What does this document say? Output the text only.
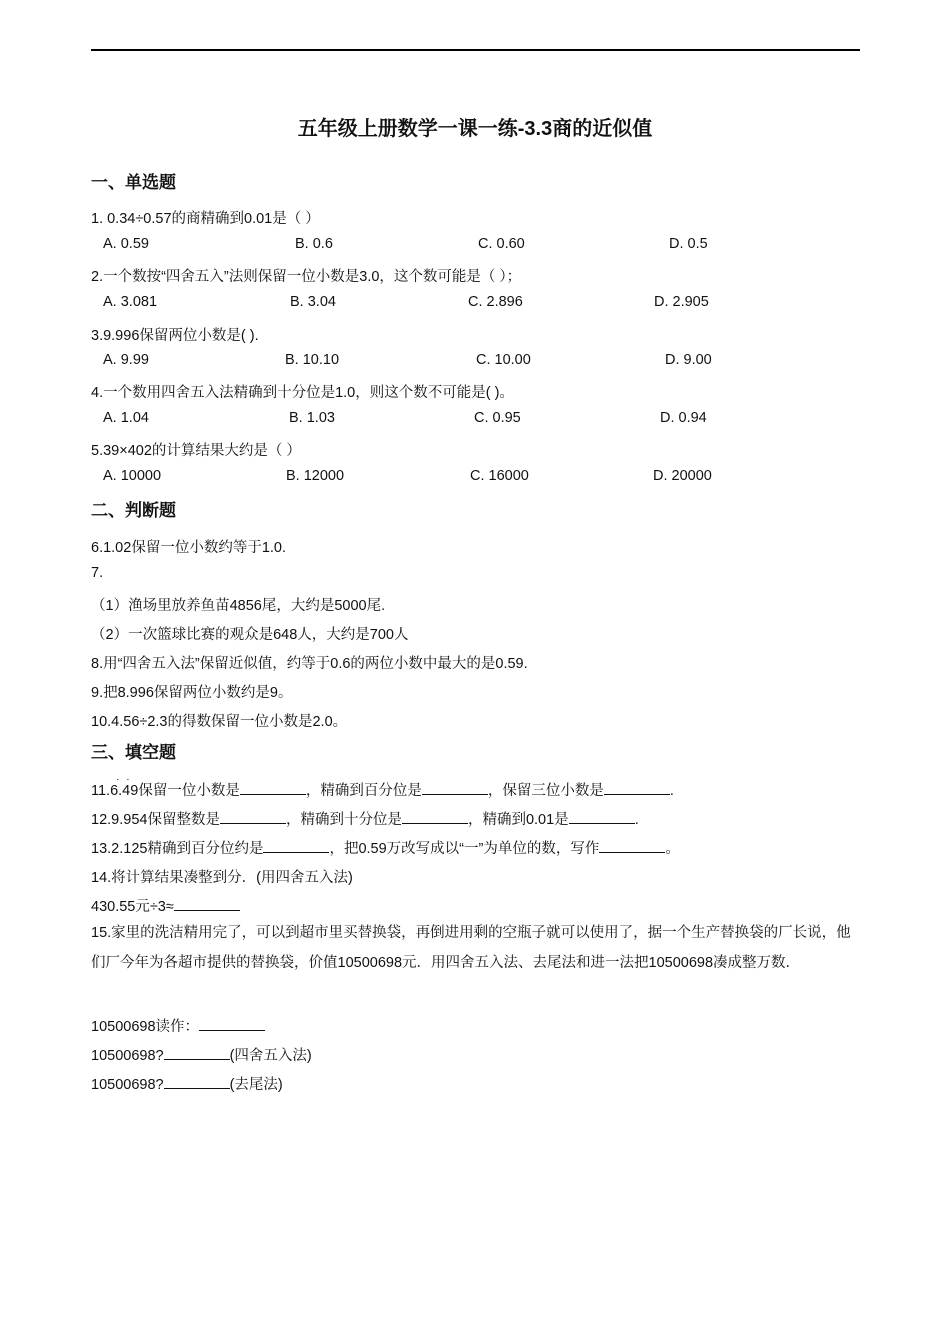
五年级上册数学一课一练-3.3商的近似值
一、单选题
1. 0.34÷0.57的商精确到0.01是（ ）
A. 0.59	B. 0.6	C. 0.60	D. 0.5
2.一个数按“四舍五入”法则保留一位小数是3.0，这个数可能是（ ）；
A. 3.081	B. 3.04	C. 2.896	D. 2.905
3.9.996保留两位小数是( ).
A. 9.99	B. 10.10	C. 10.00	D. 9.00
4.一个数用四舍五入法精确到十分位是1.0，则这个数不可能是( )。
A. 1.04	B. 1.03	C. 0.95	D. 0.94
5.39×402的计算结果大约是（ ）
A. 10000	B. 12000	C. 16000	D. 20000
二、判断题
6.1.02保留一位小数约等于1.0.
7.
（1）渔场里放养鱼苗4856尾，大约是5000尾.
（2）一次篮球比赛的观众是648人，大约是700人
8.用“四舍五入法”保留近似值，约等于0.6的两位小数中最大的是0.59.
9.把8.996保留两位小数约是9。
10.4.56÷2.3的得数保留一位小数是2.0。
三、填空题
11.
· ·
6.49保留一位小数是	，精确到百分位是	，保留三位小数是	.
12.9.954保留整数是	，精确到十分位是	，精确到0.01是	.
13.2.125精确到百分位约是	，把0.59万改写成以“一”为单位的数，写作	。
14.将计算结果凑整到分．(用四舍五入法)
430.55元÷3≈
15.家里的洗洁精用完了，可以到超市里买替换袋，再倒进用剩的空瓶子就可以使用了，据一个生产替换袋的厂长说，他们厂今年为各超市提供的替换袋，价值10500698元．用四舍五入法、去尾法和进一法把10500698凑成整万数．
10500698读作：
10500698?	(四舍五入法)
10500698?	(去尾法)
